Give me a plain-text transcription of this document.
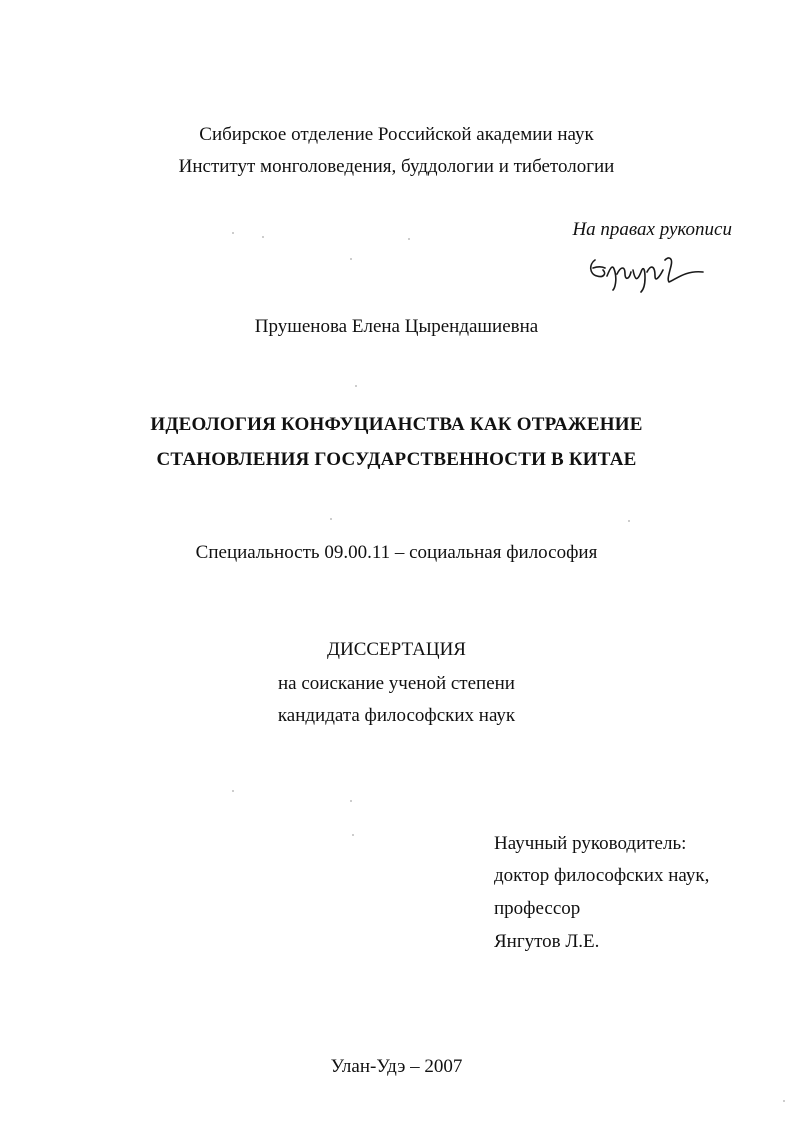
Сибирское отделение Российской академии наук
Институт монголоведения, буддологии и тибетологии
На правах рукописи
Прушенова Елена Цырендашиевна
ИДЕОЛОГИЯ КОНФУЦИАНСТВА КАК ОТРАЖЕНИЕ
СТАНОВЛЕНИЯ ГОСУДАРСТВЕННОСТИ В КИТАЕ
Специальность 09.00.11 – социальная философия
ДИССЕРТАЦИЯ
на соискание ученой степени
кандидата философских наук
Научный руководитель:
доктор философских наук,
профессор
Янгутов Л.Е.
Улан-Удэ – 2007
